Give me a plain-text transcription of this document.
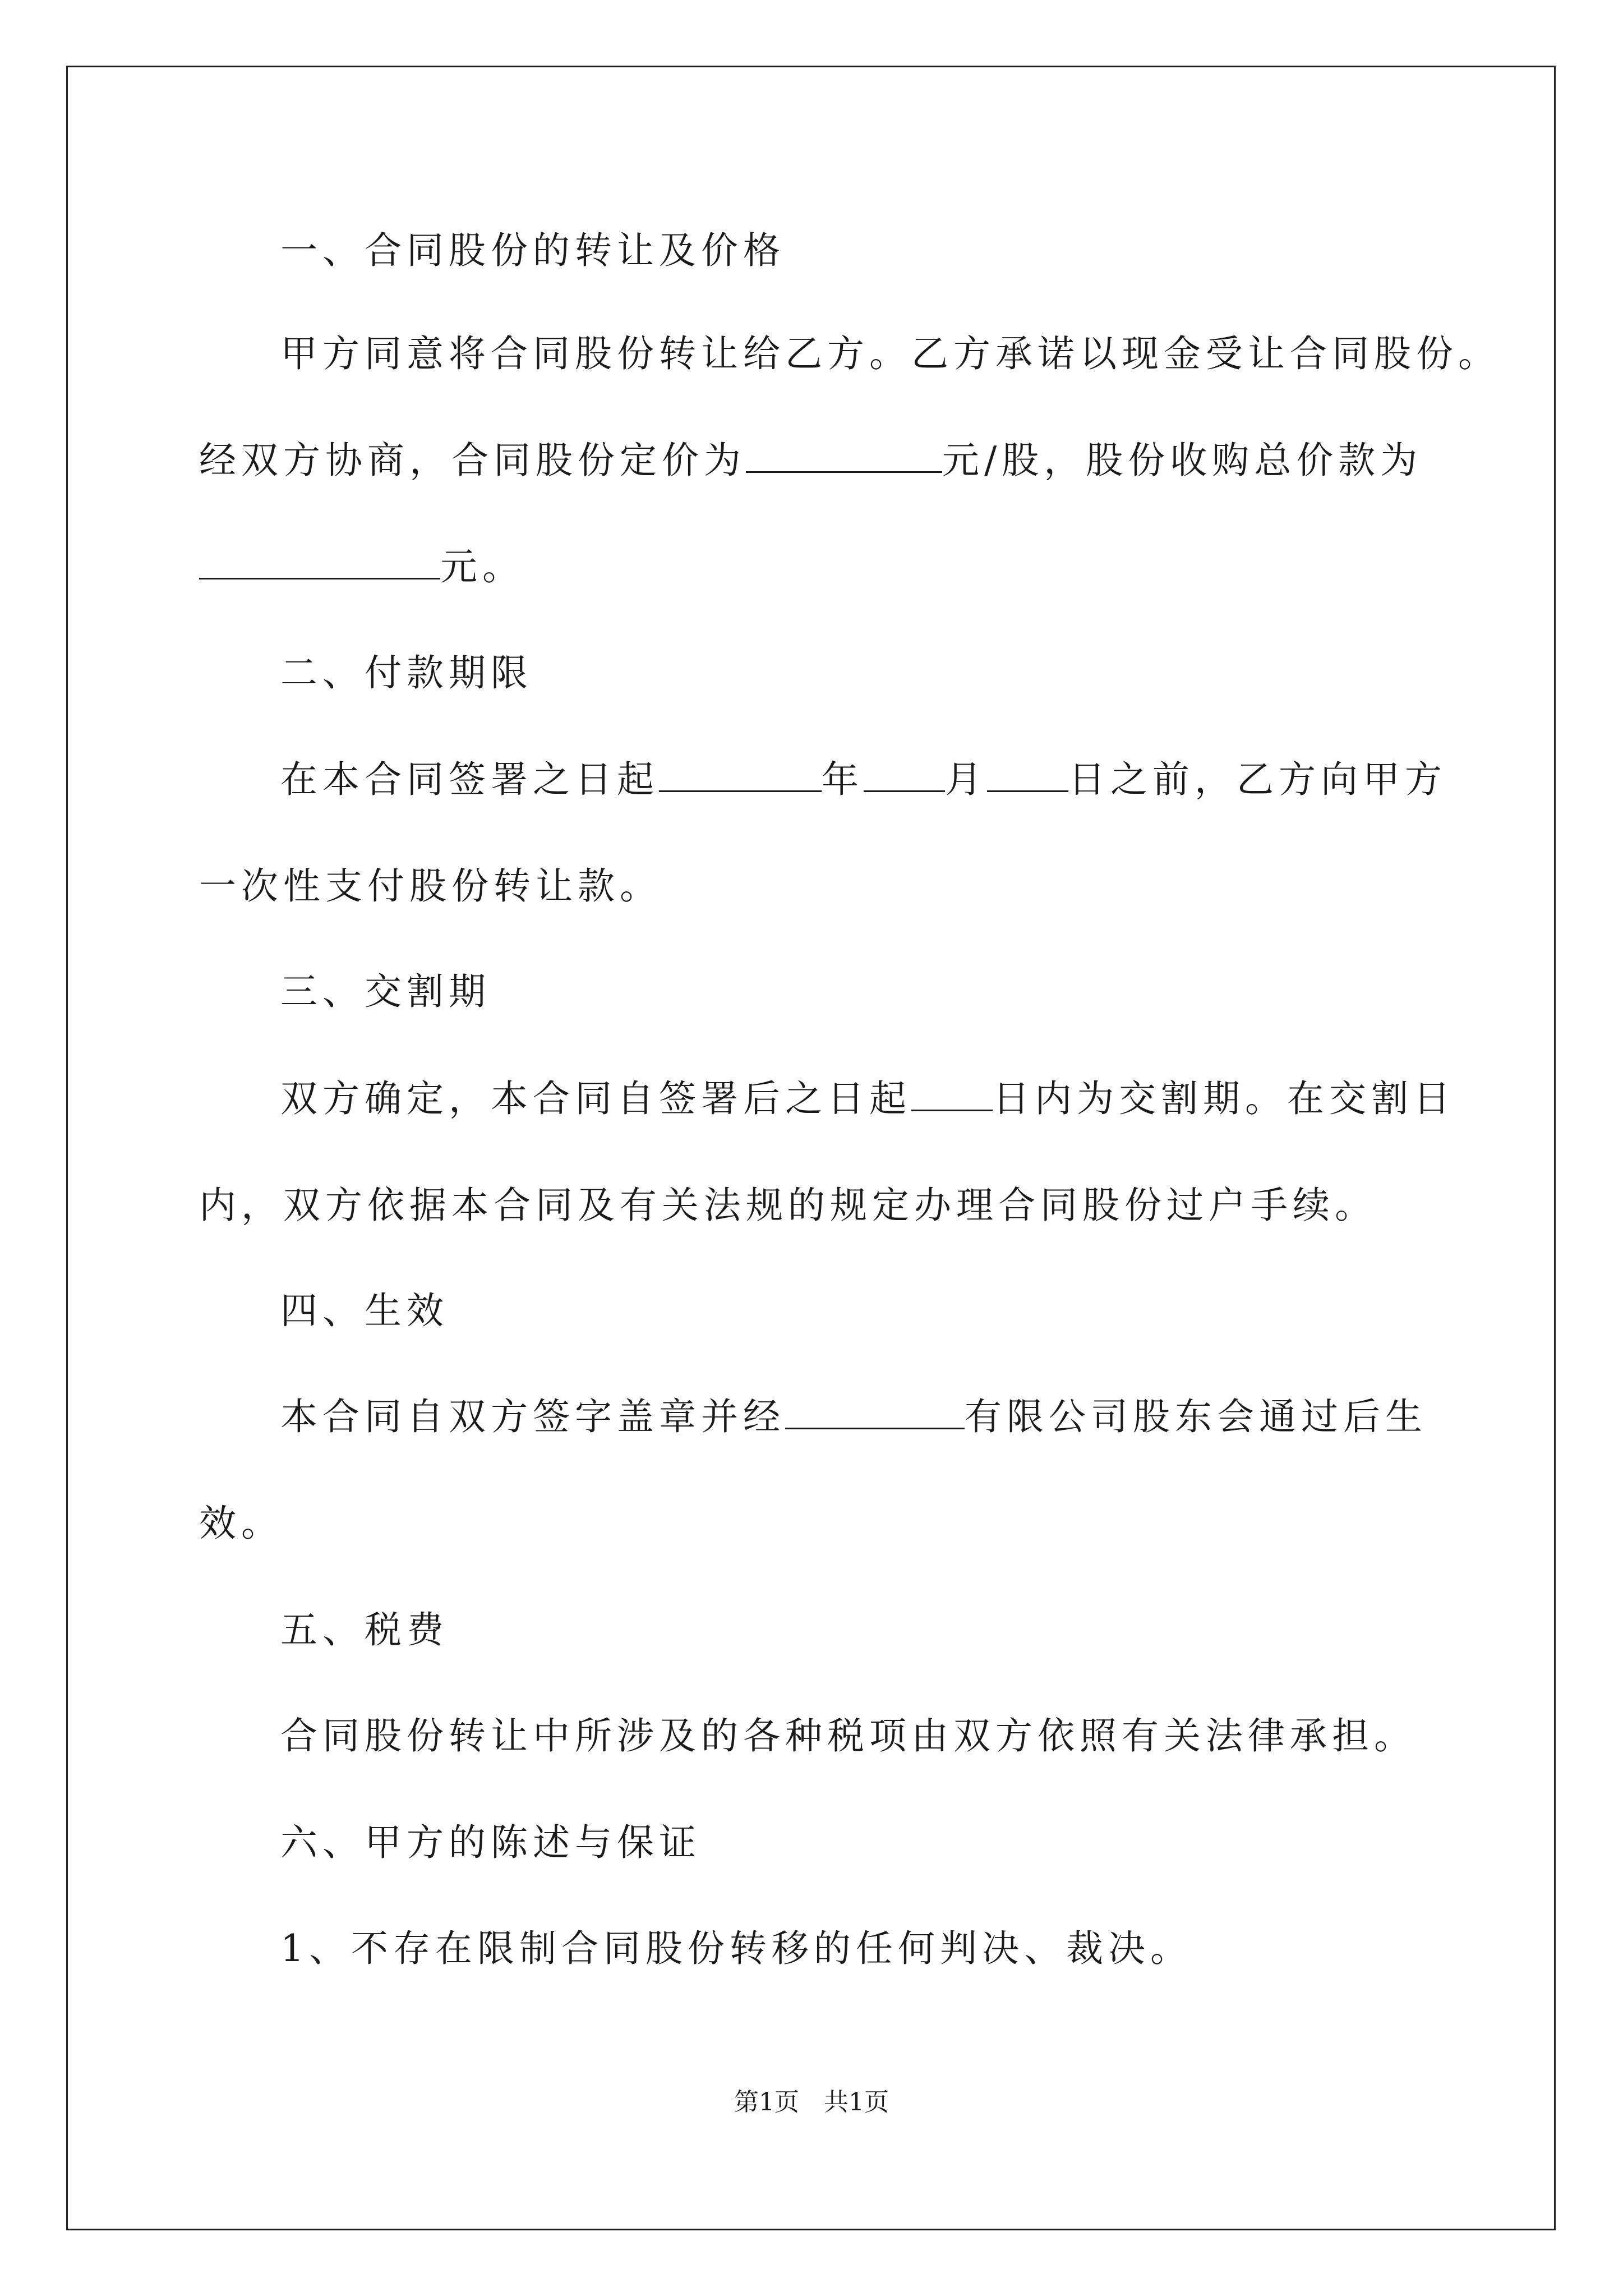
一、合同股份的转让及价格
甲方同意将合同股份转让给乙方。乙方承诺以现金受让合同股份。
经双方协商，合同股份定价为	元/股，股份收购总价款为
元。
二、付款期限
在本合同签署之日起	年 月 日之前，乙方向甲方
一次性支付股份转让款。
三、交割期
双方确定，本合同自签署后之日起 日内为交割期。在交割日
内，双方依据本合同及有关法规的规定办理合同股份过户手续。
四、生效
本合同自双方签字盖章并经	有限公司股东会通过后生
效。
五、税费
合同股份转让中所涉及的各种税项由双方依照有关法律承担。
六、甲方的陈述与保证
1、不存在限制合同股份转移的任何判决、裁决。
第1页　共1页
